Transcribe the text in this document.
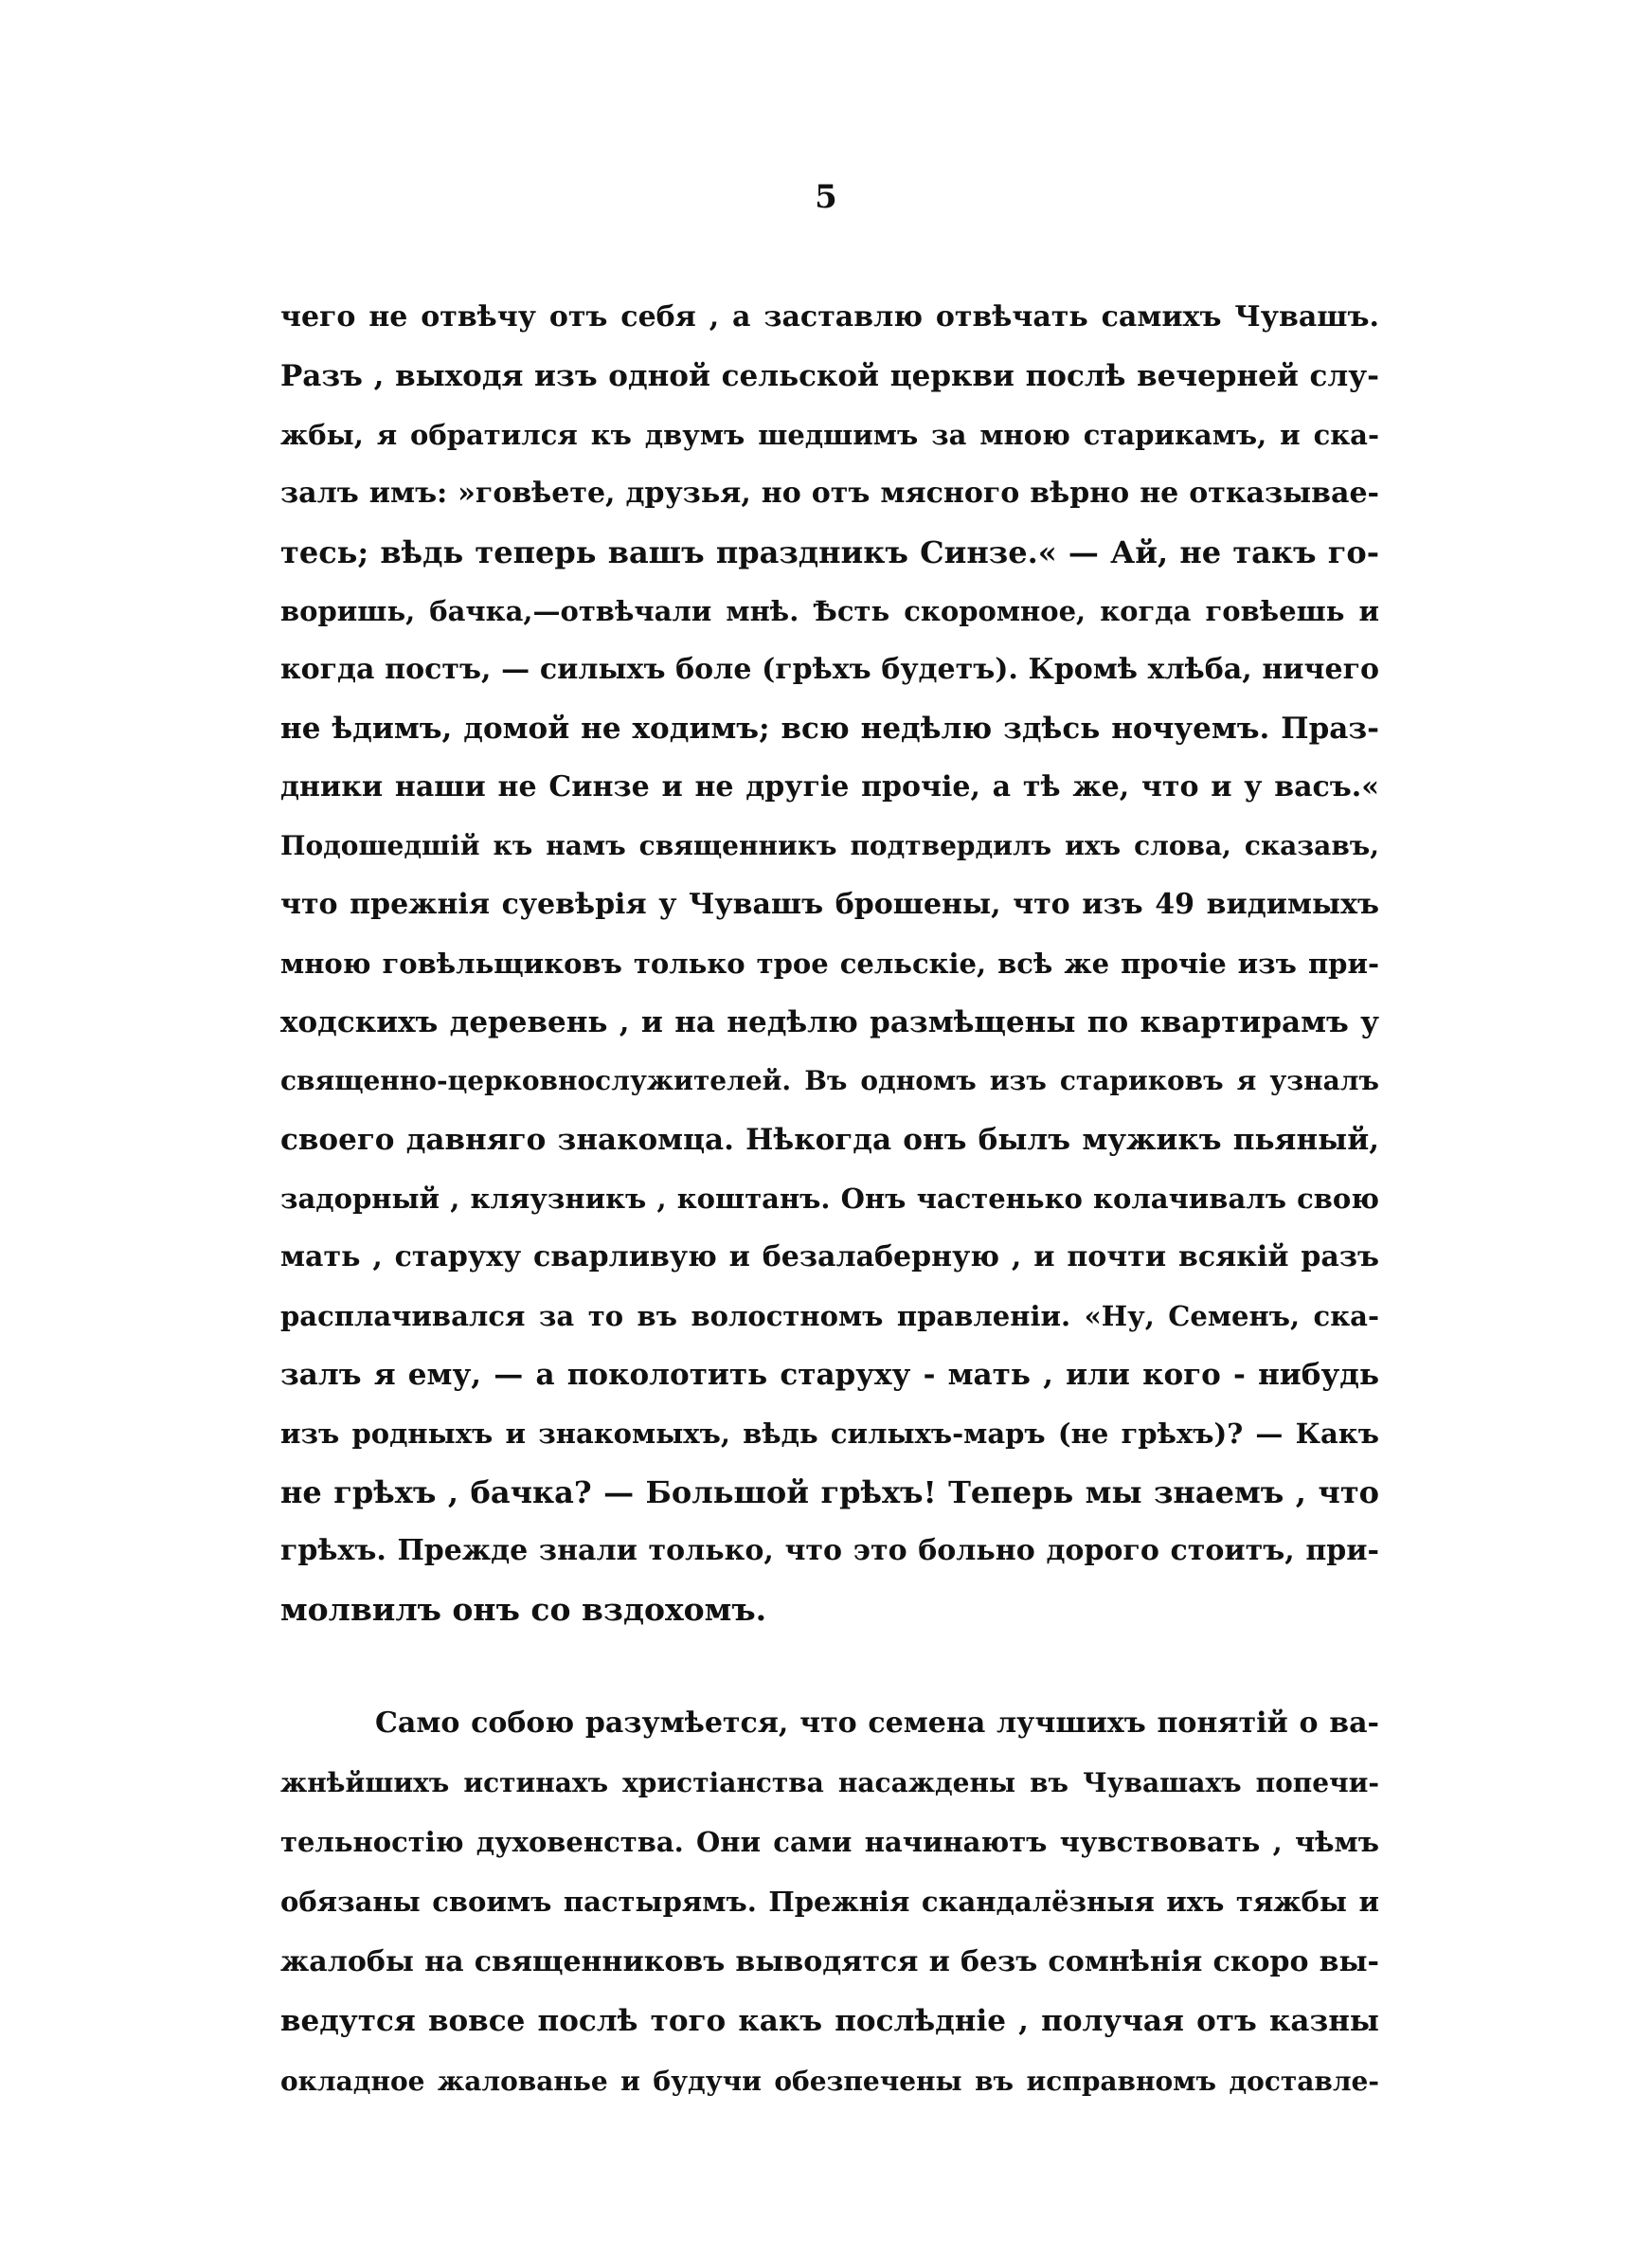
5
чего не отвѣчу отъ себя , а заставлю отвѣчать самихъ Чувашъ.
Разъ , выходя изъ одной сельской церкви послѣ вечерней слу-
жбы, я обратился къ двумъ шедшимъ за мною старикамъ, и ска-
залъ имъ: »говѣете, друзья, но отъ мясного вѣрно не отказывае-
тесь; вѣдь теперь вашъ праздникъ Синзе.« — Ай, не такъ го-
воришь, бачка,—отвѣчали мнѣ. Ѣсть скоромное, когда говѣешь и
когда постъ, — силыхъ боле (грѣхъ будетъ). Кромѣ хлѣба, ничего
не ѣдимъ, домой не ходимъ; всю недѣлю здѣсь ночуемъ. Праз-
дники наши не Синзе и не другіе прочіе, а тѣ же, что и у васъ.«
Подошедшій къ намъ священникъ подтвердилъ ихъ слова, сказавъ,
что прежнія суевѣрія у Чувашъ брошены, что изъ 49 видимыхъ
мною говѣльщиковъ только трое сельскіе, всѣ же прочіе изъ при-
ходскихъ деревень , и на недѣлю размѣщены по квартирамъ у
священно-церковнослужителей. Въ одномъ изъ стариковъ я узналъ
своего давняго знакомца. Нѣкогда онъ былъ мужикъ пьяный,
задорный , кляузникъ , коштанъ. Онъ частенько колачивалъ свою
мать , старуху сварливую и безалаберную , и почти всякій разъ
расплачивался за то въ волостномъ правленіи. «Ну, Семенъ, ска-
залъ я ему, — а поколотить старуху - мать , или кого - нибудь
изъ родныхъ и знакомыхъ, вѣдь силыхъ-маръ (не грѣхъ)? — Какъ
не грѣхъ , бачка? — Большой грѣхъ! Теперь мы знаемъ , что
грѣхъ. Прежде знали только, что это больно дорого стоитъ, при-
молвилъ онъ со вздохомъ.
Само собою разумѣется, что семена лучшихъ понятій о ва-
жнѣйшихъ истинахъ христіанства насаждены въ Чувашахъ попечи-
тельностію духовенства. Они сами начинаютъ чувствовать , чѣмъ
обязаны своимъ пастырямъ. Прежнія скандалёзныя ихъ тяжбы и
жалобы на священниковъ выводятся и безъ сомнѣнія скоро вы-
ведутся вовсе послѣ того какъ послѣдніе , получая отъ казны
окладное жалованье и будучи обезпечены въ исправномъ доставле-
